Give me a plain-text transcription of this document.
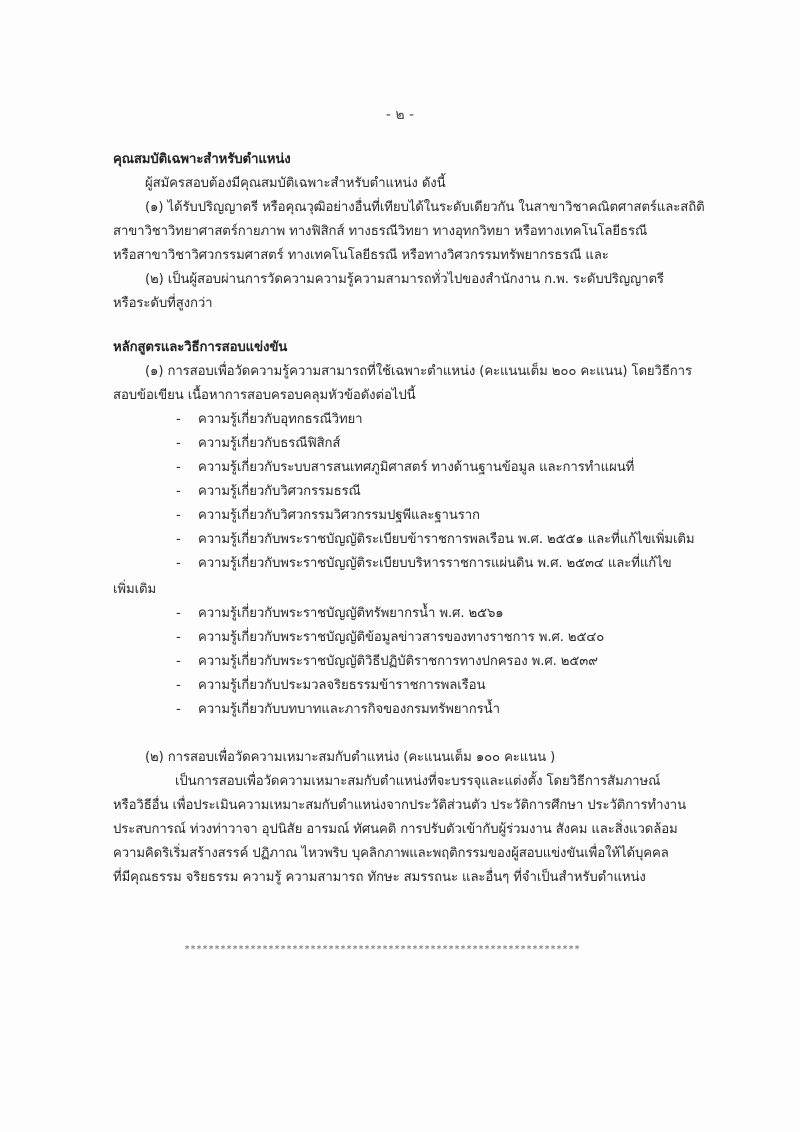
- ๒ -
คุณสมบัติเฉพาะสำหรับตำแหน่ง
ผู้สมัครสอบต้องมีคุณสมบัติเฉพาะสำหรับตำแหน่ง ดังนี้
(๑) ได้รับปริญญาตรี หรือคุณวุฒิอย่างอื่นที่เทียบได้ในระดับเดียวกัน ในสาขาวิชาคณิตศาสตร์และสถิติ
สาขาวิชาวิทยาศาสตร์กายภาพ ทางฟิสิกส์ ทางธรณีวิทยา ทางอุทกวิทยา หรือทางเทคโนโลยีธรณี
หรือสาขาวิชาวิศวกรรมศาสตร์ ทางเทคโนโลยีธรณี หรือทางวิศวกรรมทรัพยากรธรณี และ
(๒) เป็นผู้สอบผ่านการวัดความความรู้ความสามารถทั่วไปของสำนักงาน ก.พ. ระดับปริญญาตรี
หรือระดับที่สูงกว่า
หลักสูตรและวิธีการสอบแข่งขัน
(๑) การสอบเพื่อวัดความรู้ความสามารถที่ใช้เฉพาะตำแหน่ง (คะแนนเต็ม ๒๐๐ คะแนน) โดยวิธีการ
สอบข้อเขียน เนื้อหาการสอบครอบคลุมหัวข้อดังต่อไปนี้
-	ความรู้เกี่ยวกับอุทกธรณีวิทยา
-	ความรู้เกี่ยวกับธรณีฟิสิกส์
-	ความรู้เกี่ยวกับระบบสารสนเทศภูมิศาสตร์ ทางด้านฐานข้อมูล และการทำแผนที่
-	ความรู้เกี่ยวกับวิศวกรรมธรณี
-	ความรู้เกี่ยวกับวิศวกรรมวิศวกรรมปฐพีและฐานราก
-	ความรู้เกี่ยวกับพระราชบัญญัติระเบียบข้าราชการพลเรือน พ.ศ. ๒๕๕๑ และที่แก้ไขเพิ่มเติม
-	ความรู้เกี่ยวกับพระราชบัญญัติระเบียบบริหารราชการแผ่นดิน พ.ศ. ๒๕๓๔ และที่แก้ไข
เพิ่มเติม
-	ความรู้เกี่ยวกับพระราชบัญญัติทรัพยากรน้ำ พ.ศ. ๒๕๖๑
-	ความรู้เกี่ยวกับพระราชบัญญัติข้อมูลข่าวสารของทางราชการ พ.ศ. ๒๕๔๐
-	ความรู้เกี่ยวกับพระราชบัญญัติวิธีปฏิบัติราชการทางปกครอง พ.ศ. ๒๕๓๙
-	ความรู้เกี่ยวกับประมวลจริยธรรมข้าราชการพลเรือน
-	ความรู้เกี่ยวกับบทบาทและภารกิจของกรมทรัพยากรน้ำ
(๒) การสอบเพื่อวัดความเหมาะสมกับตำแหน่ง (คะแนนเต็ม ๑๐๐ คะแนน )
เป็นการสอบเพื่อวัดความเหมาะสมกับตำแหน่งที่จะบรรจุและแต่งตั้ง โดยวิธีการสัมภาษณ์
หรือวิธีอื่น เพื่อประเมินความเหมาะสมกับตำแหน่งจากประวัติส่วนตัว ประวัติการศึกษา ประวัติการทำงาน
ประสบการณ์ ท่วงท่าวาจา อุปนิสัย อารมณ์ ทัศนคติ การปรับตัวเข้ากับผู้ร่วมงาน สังคม และสิ่งแวดล้อม
ความคิดริเริ่มสร้างสรรค์ ปฏิภาณ ไหวพริบ บุคลิกภาพและพฤติกรรมของผู้สอบแข่งขันเพื่อให้ได้บุคคล
ที่มีคุณธรรม จริยธรรม ความรู้ ความสามารถ ทักษะ สมรรถนะ และอื่นๆ ที่จำเป็นสำหรับตำแหน่ง
******************************************************************
